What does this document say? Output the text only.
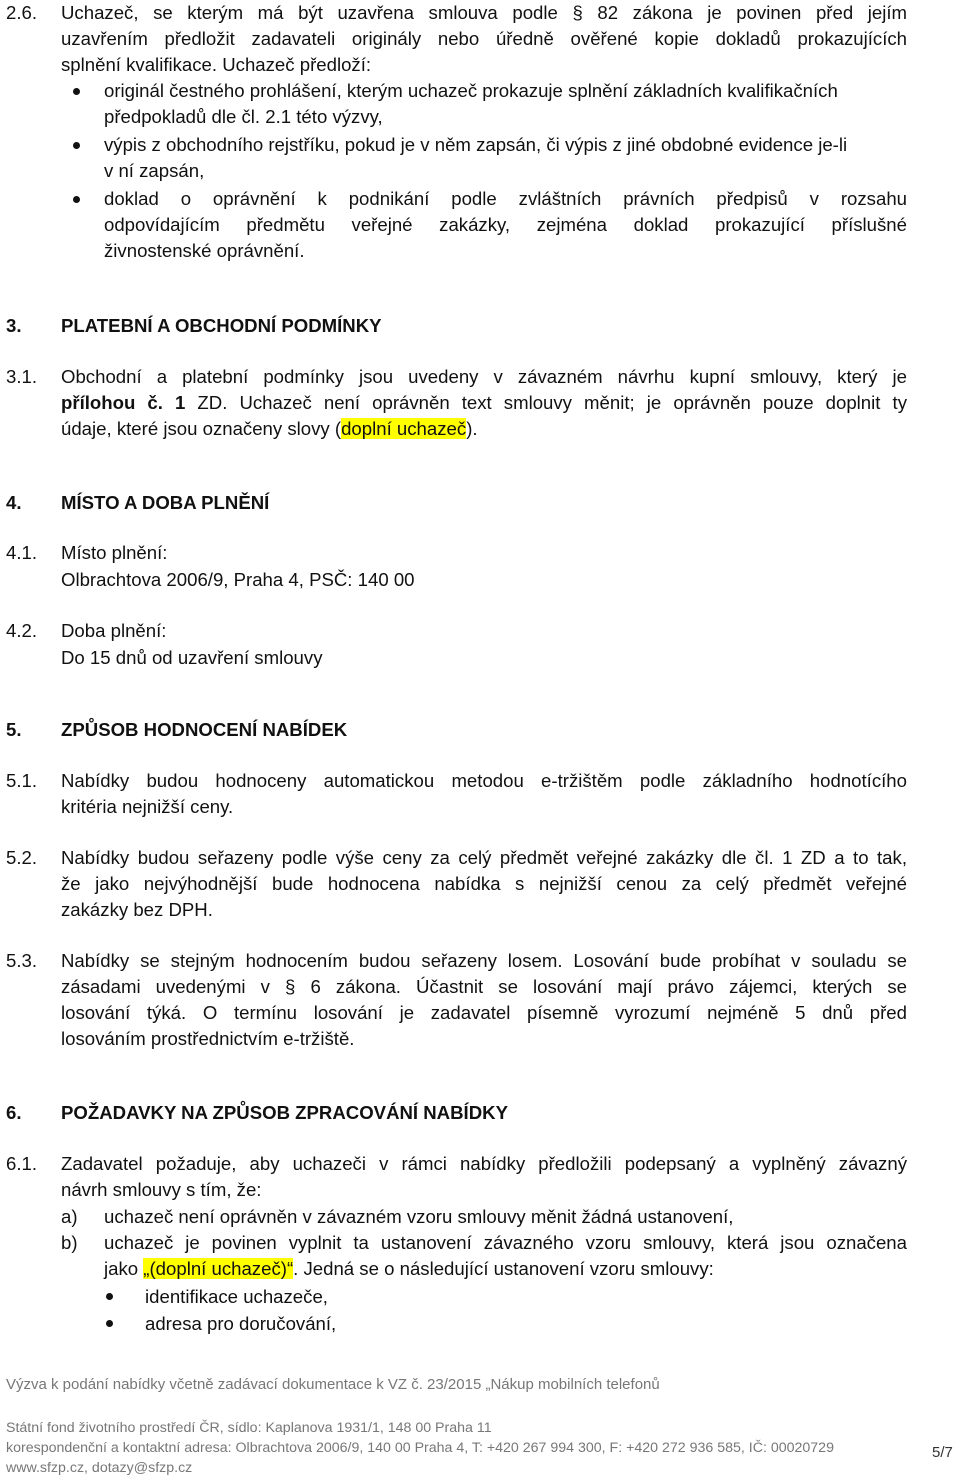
2.6. Uchazeč, se kterým má být uzavřena smlouva podle § 82 zákona je povinen před jejím
uzavřením předložit zadavateli originály nebo úředně ověřené kopie dokladů prokazujících
splnění kvalifikace. Uchazeč předloží:
originál čestného prohlášení, kterým uchazeč prokazuje splnění základních kvalifikačních
předpokladů dle čl. 2.1 této výzvy,
výpis z obchodního rejstříku, pokud je v něm zapsán, či výpis z jiné obdobné evidence je-li
v ní zapsán,
doklad o oprávnění k podnikání podle zvláštních právních předpisů v rozsahu
odpovídajícím předmětu veřejné zakázky, zejména doklad prokazující příslušné
živnostenské oprávnění.
3. PLATEBNÍ A OBCHODNÍ PODMÍNKY
3.1. Obchodní a platební podmínky jsou uvedeny v závazném návrhu kupní smlouvy, který je
přílohou č. 1 ZD. Uchazeč není oprávněn text smlouvy měnit; je oprávněn pouze doplnit ty
údaje, které jsou označeny slovy (doplní uchazeč).
4. MÍSTO A DOBA PLNĚNÍ
4.1. Místo plnění:
Olbrachtova 2006/9, Praha 4, PSČ: 140 00
4.2. Doba plnění:
Do 15 dnů od uzavření smlouvy
5. ZPŮSOB HODNOCENÍ NABÍDEK
5.1. Nabídky budou hodnoceny automatickou metodou e-tržištěm podle základního hodnotícího
kritéria nejnižší ceny.
5.2. Nabídky budou seřazeny podle výše ceny za celý předmět veřejné zakázky dle čl. 1 ZD a to tak,
že jako nejvýhodnější bude hodnocena nabídka s nejnižší cenou za celý předmět veřejné
zakázky bez DPH.
5.3. Nabídky se stejným hodnocením budou seřazeny losem. Losování bude probíhat v souladu se
zásadami uvedenými v § 6 zákona. Účastnit se losování mají právo zájemci, kterých se
losování týká. O termínu losování je zadavatel písemně vyrozumí nejméně 5 dnů před
losováním prostřednictvím e-tržiště.
6. POŽADAVKY NA ZPŮSOB ZPRACOVÁNÍ NABÍDKY
6.1. Zadavatel požaduje, aby uchazeči v rámci nabídky předložili podepsaný a vyplněný závazný
návrh smlouvy s tím, že:
a) uchazeč není oprávněn v závazném vzoru smlouvy měnit žádná ustanovení,
b) uchazeč je povinen vyplnit ta ustanovení závazného vzoru smlouvy, která jsou označena
jako „(doplní uchazeč)“. Jedná se o následující ustanovení vzoru smlouvy:
identifikace uchazeče,
adresa pro doručování,
Výzva k podání nabídky včetně zadávací dokumentace k VZ č. 23/2015 „Nákup mobilních telefonů
Státní fond životního prostředí ČR, sídlo: Kaplanova 1931/1, 148 00 Praha 11
korespondenční a kontaktní adresa: Olbrachtova 2006/9, 140 00 Praha 4, T: +420 267 994 300, F: +420 272 936 585, IČ: 00020729
www.sfzp.cz, dotazy@sfzp.cz
5/7
